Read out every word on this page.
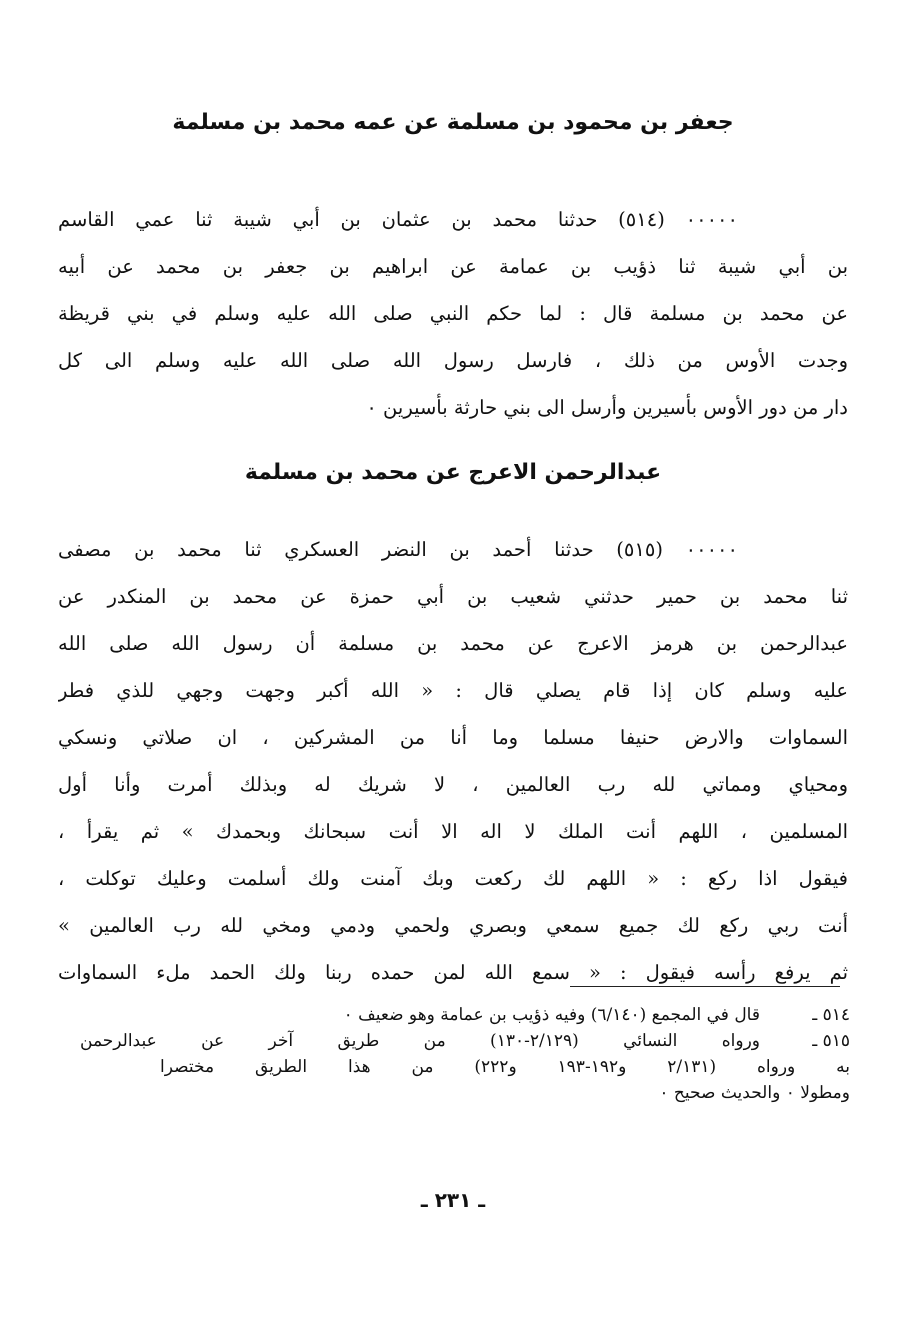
جعفر بن محمود بن مسلمة عن عمه محمد بن مسلمة
٠٠٠٠٠ (٥١٤) حدثنا محمد بن عثمان بن أبي شيبة ثنا عمي القاسم
بن أبي شيبة ثنا ذؤيب بن عمامة عن ابراهيم بن جعفر بن محمد عن أبيه
عن محمد بن مسلمة قال : لما حكم النبي صلى الله عليه وسلم في بني قريظة
وجدت الأوس من ذلك ، فارسل رسول الله صلى الله عليه وسلم الى كل
دار من دور الأوس بأسيرين وأرسل الى بني حارثة بأسيرين ٠
عبدالرحمن الاعرج عن محمد بن مسلمة
٠٠٠٠٠ (٥١٥) حدثنا أحمد بن النضر العسكري ثنا محمد بن مصفى
ثنا محمد بن حمير حدثني شعيب بن أبي حمزة عن محمد بن المنكدر عن
عبدالرحمن بن هرمز الاعرج عن محمد بن مسلمة أن رسول الله صلى الله
عليه وسلم كان إذا قام يصلي قال : « الله أكبر وجهت وجهي للذي فطر
السماوات والارض حنيفا مسلما وما أنا من المشركين ، ان صلاتي ونسكي
ومحياي ومماتي لله رب العالمين ، لا شريك له وبذلك أمرت وأنا أول
المسلمين ، اللهم أنت الملك لا اله الا أنت سبحانك وبحمدك » ثم يقرأ ،
فيقول اذا ركع : « اللهم لك ركعت وبك آمنت ولك أسلمت وعليك توكلت ،
أنت ربي ركع لك جميع سمعي وبصري ولحمي ودمي ومخي لله رب العالمين »
ثم يرفع رأسه فيقول : « سمع الله لمن حمده ربنا ولك الحمد ملء السماوات
٥١٤ ـقال في المجمع (٦/١٤٠) وفيه ذؤيب بن عمامة وهو ضعيف ٠
٥١٥ ـورواه النسائي (٢/١٢٩-١٣٠) من طريق آخر عن عبدالرحمن
به ورواه (٢/١٣١ و١٩٢-١٩٣ و٢٢٢) من هذا الطريق مختصرا
ومطولا ٠ والحديث صحيح ٠
ـ ٢٣١ ـ
